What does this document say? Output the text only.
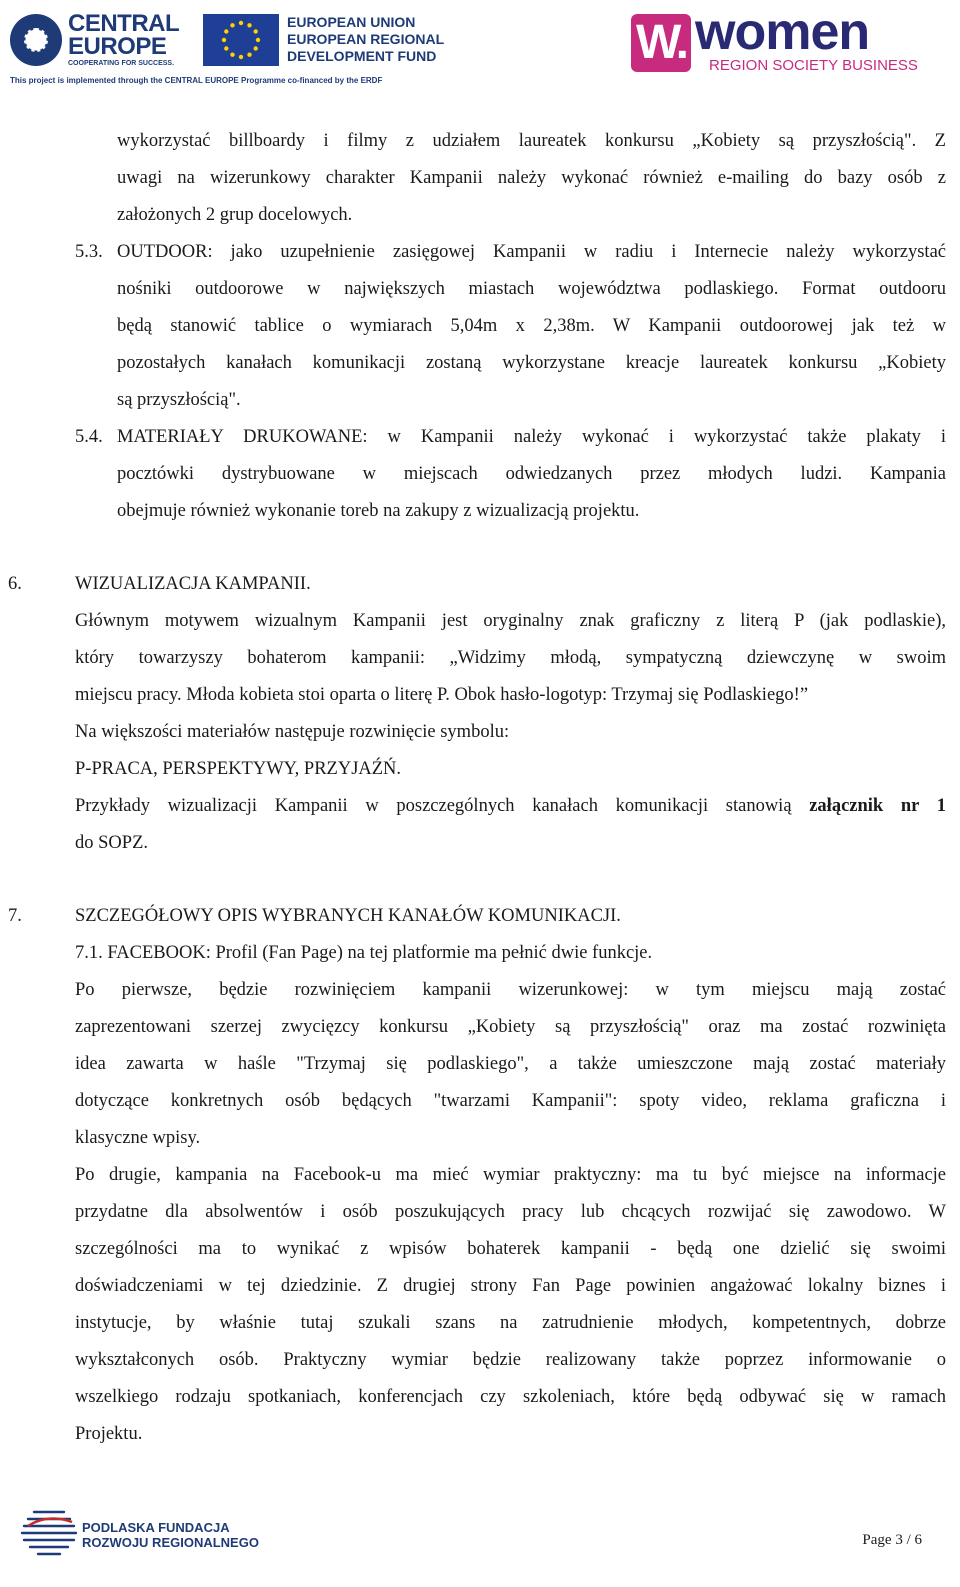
CENTRAL
EUROPE
COOPERATING FOR SUCCESS.
EUROPEAN UNION
EUROPEAN REGIONAL
DEVELOPMENT FUND
This project is implemented through the CENTRAL EUROPE Programme co-financed by the ERDF
W. women
REGION SOCIETY BUSINESS
wykorzystać billboardy i filmy z udziałem laureatek konkursu „Kobiety są przyszłością". Z
uwagi na wizerunkowy charakter Kampanii należy wykonać również e-mailing do bazy osób z
założonych 2 grup docelowych.
5.3. OUTDOOR: jako uzupełnienie zasięgowej Kampanii w radiu i Internecie należy wykorzystać
nośniki outdoorowe w największych miastach województwa podlaskiego. Format outdooru
będą stanowić tablice o wymiarach 5,04m x 2,38m. W Kampanii outdoorowej jak też w
pozostałych kanałach komunikacji zostaną wykorzystane kreacje laureatek konkursu „Kobiety
są przyszłością".
5.4. MATERIAŁY DRUKOWANE: w Kampanii należy wykonać i wykorzystać także plakaty i
pocztówki dystrybuowane w miejscach odwiedzanych przez młodych ludzi. Kampania
obejmuje również wykonanie toreb na zakupy z wizualizacją projektu.
6.	WIZUALIZACJA KAMPANII.
Głównym motywem wizualnym Kampanii jest oryginalny znak graficzny z literą P (jak podlaskie),
który towarzyszy bohaterom kampanii: „Widzimy młodą, sympatyczną dziewczynę w swoim
miejscu pracy. Młoda kobieta stoi oparta o literę P. Obok hasło-logotyp: Trzymaj się Podlaskiego!”
Na większości materiałów następuje rozwinięcie symbolu:
P-PRACA, PERSPEKTYWY, PRZYJAŹŃ.
Przykłady wizualizacji Kampanii w poszczególnych kanałach komunikacji stanowią załącznik nr 1
do SOPZ.
7.	SZCZEGÓŁOWY OPIS WYBRANYCH KANAŁÓW KOMUNIKACJI.
7.1. FACEBOOK: Profil (Fan Page) na tej platformie ma pełnić dwie funkcje.
Po pierwsze, będzie rozwinięciem kampanii wizerunkowej: w tym miejscu mają zostać
zaprezentowani szerzej zwycięzcy konkursu „Kobiety są przyszłością" oraz ma zostać rozwinięta
idea zawarta w haśle "Trzymaj się podlaskiego", a także umieszczone mają zostać materiały
dotyczące konkretnych osób będących "twarzami Kampanii": spoty video, reklama graficzna i
klasyczne wpisy.
Po drugie, kampania na Facebook-u ma mieć wymiar praktyczny: ma tu być miejsce na informacje
przydatne dla absolwentów i osób poszukujących pracy lub chcących rozwijać się zawodowo. W
szczególności ma to wynikać z wpisów bohaterek kampanii - będą one dzielić się swoimi
doświadczeniami w tej dziedzinie. Z drugiej strony Fan Page powinien angażować lokalny biznes i
instytucje, by właśnie tutaj szukali szans na zatrudnienie młodych, kompetentnych, dobrze
wykształconych osób. Praktyczny wymiar będzie realizowany także poprzez informowanie o
wszelkiego rodzaju spotkaniach, konferencjach czy szkoleniach, które będą odbywać się w ramach
Projektu.
PODLASKA FUNDACJA
ROZWOJU REGIONALNEGO	Page 3 / 6
